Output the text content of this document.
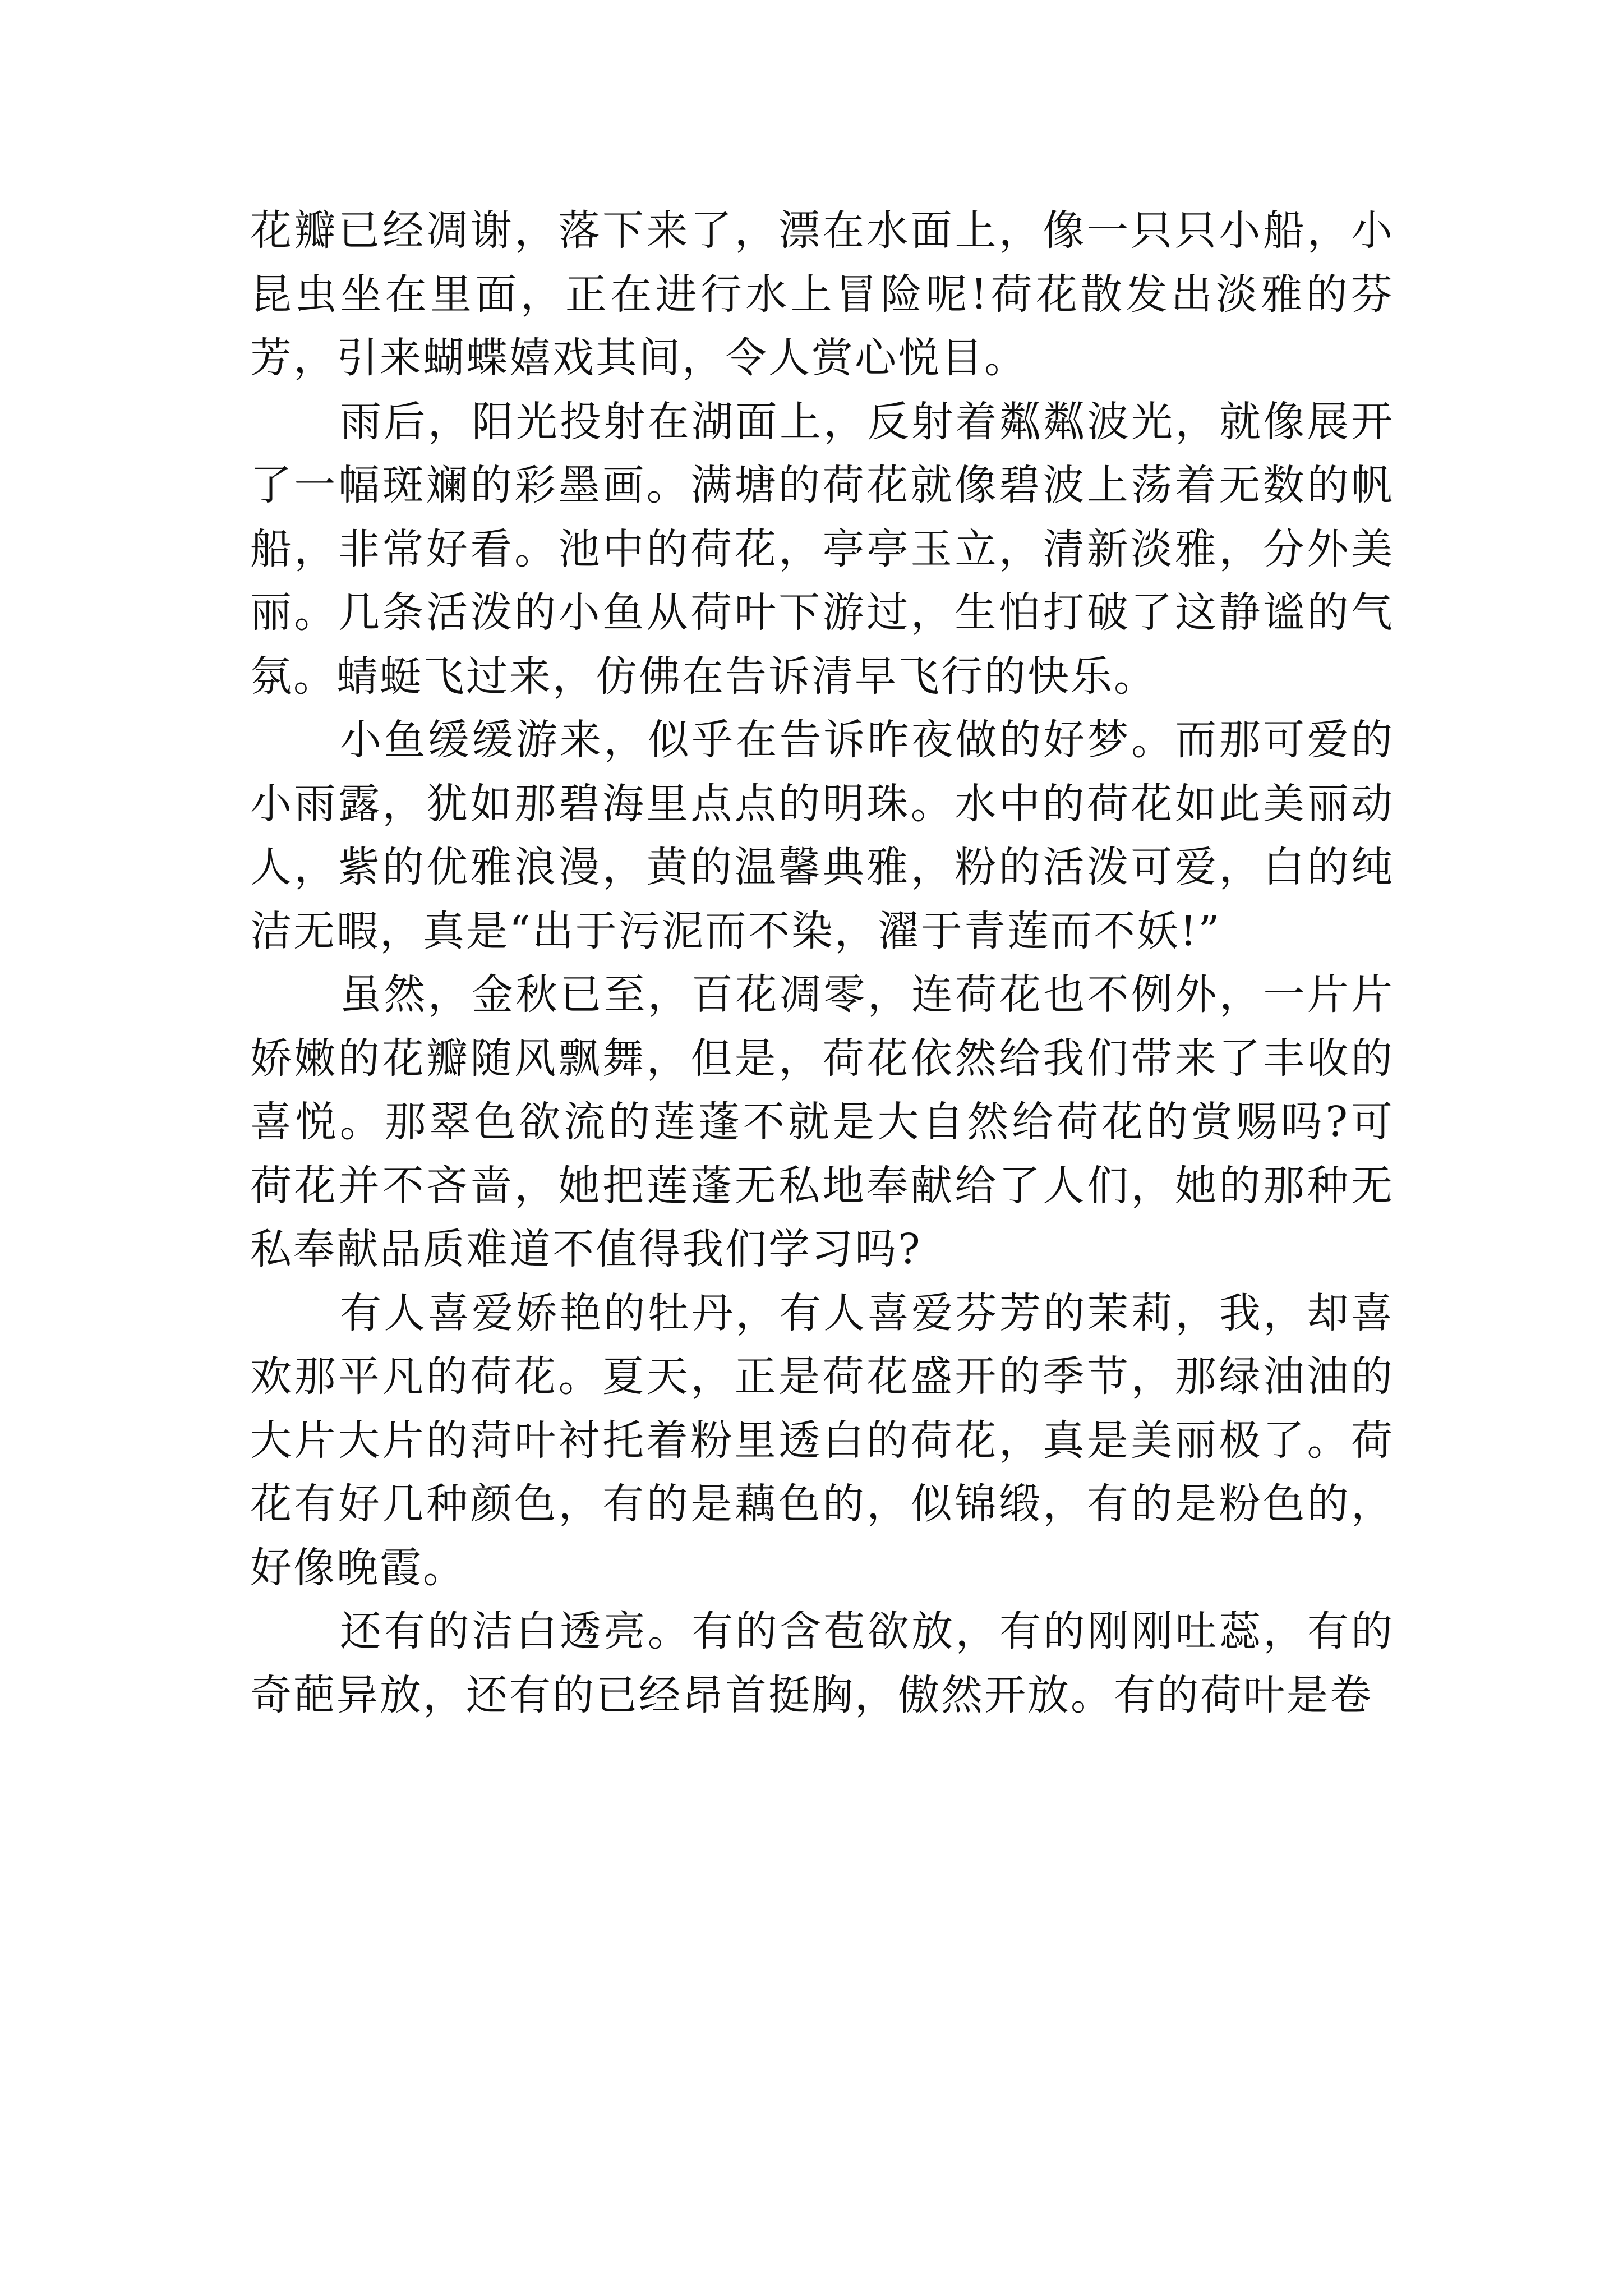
花瓣已经凋谢，落下来了，漂在水面上，像一只只小船，小昆虫坐在里面，正在进行水上冒险呢!荷花散发出淡雅的芬芳，引来蝴蝶嬉戏其间，令人赏心悦目。

雨后，阳光投射在湖面上，反射着粼粼波光，就像展开了一幅斑斓的彩墨画。满塘的荷花就像碧波上荡着无数的帆船，非常好看。池中的荷花，亭亭玉立，清新淡雅，分外美丽。几条活泼的小鱼从荷叶下游过，生怕打破了这静谧的气氛。蜻蜓飞过来，仿佛在告诉清早飞行的快乐。

小鱼缓缓游来，似乎在告诉昨夜做的好梦。而那可爱的小雨露，犹如那碧海里点点的明珠。水中的荷花如此美丽动人，紫的优雅浪漫，黄的温馨典雅，粉的活泼可爱，白的纯洁无暇，真是“出于污泥而不染，濯于青莲而不妖!”

虽然，金秋已至，百花凋零，连荷花也不例外，一片片娇嫩的花瓣随风飘舞，但是，荷花依然给我们带来了丰收的喜悦。那翠色欲流的莲蓬不就是大自然给荷花的赏赐吗?可荷花并不吝啬，她把莲蓬无私地奉献给了人们，她的那种无私奉献品质难道不值得我们学习吗?

有人喜爱娇艳的牡丹，有人喜爱芬芳的茉莉，我，却喜欢那平凡的荷花。夏天，正是荷花盛开的季节，那绿油油的大片大片的菏叶衬托着粉里透白的荷花，真是美丽极了。荷花有好几种颜色，有的是藕色的，似锦缎，有的是粉色的，好像晚霞。

还有的洁白透亮。有的含苞欲放，有的刚刚吐蕊，有的奇葩异放，还有的已经昂首挺胸，傲然开放。有的荷叶是卷
